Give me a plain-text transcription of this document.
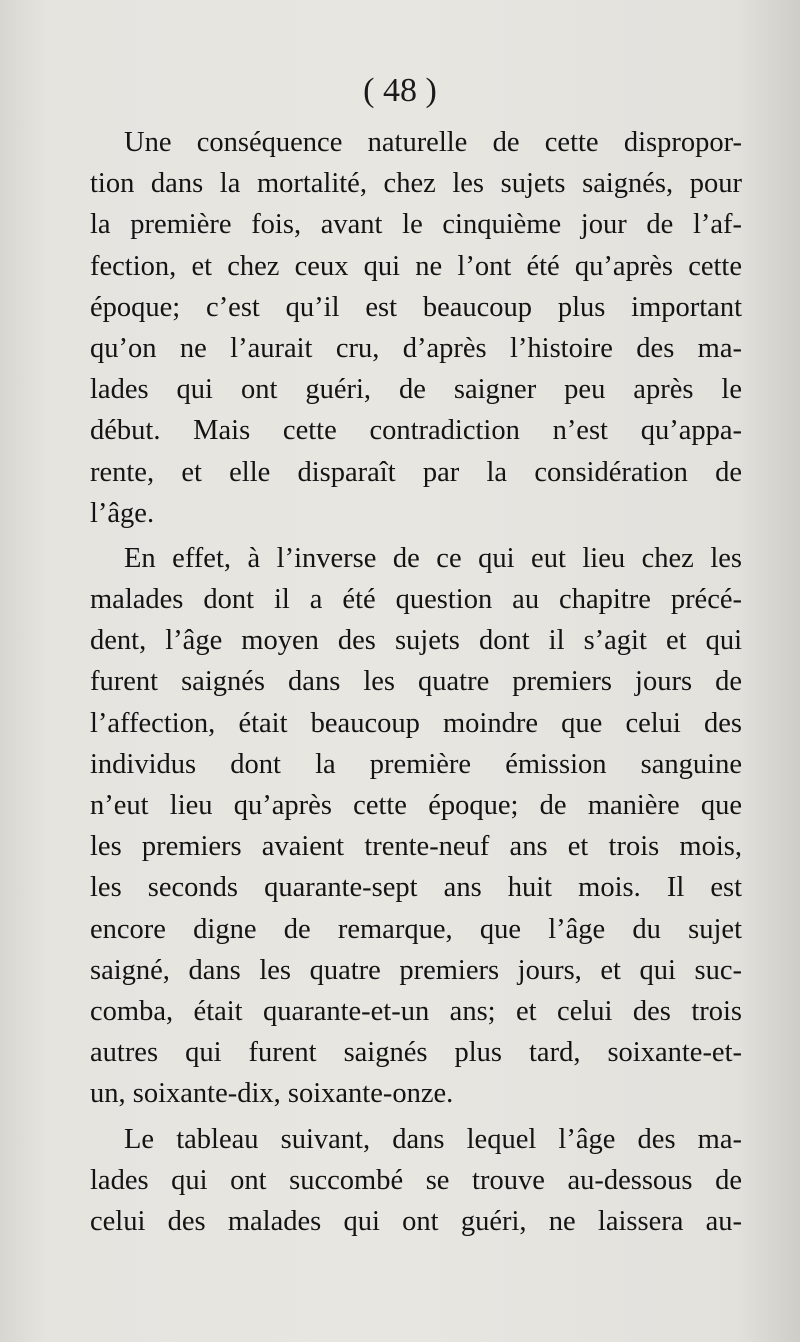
( 48 )
Une conséquence naturelle de cette dispropor-
tion dans la mortalité, chez les sujets saignés, pour
la première fois, avant le cinquième jour de l’af-
fection, et chez ceux qui ne l’ont été qu’après cette
époque; c’est qu’il est beaucoup plus important
qu’on ne l’aurait cru, d’après l’histoire des ma-
lades qui ont guéri, de saigner peu après le
début. Mais cette contradiction n’est qu’appa-
rente, et elle disparaît par la considération de
l’âge.
En effet, à l’inverse de ce qui eut lieu chez les
malades dont il a été question au chapitre précé-
dent, l’âge moyen des sujets dont il s’agit et qui
furent saignés dans les quatre premiers jours de
l’affection, était beaucoup moindre que celui des
individus dont la première émission sanguine
n’eut lieu qu’après cette époque; de manière que
les premiers avaient trente-neuf ans et trois mois,
les seconds quarante-sept ans huit mois. Il est
encore digne de remarque, que l’âge du sujet
saigné, dans les quatre premiers jours, et qui suc-
comba, était quarante-et-un ans; et celui des trois
autres qui furent saignés plus tard, soixante-et-
un, soixante-dix, soixante-onze.
Le tableau suivant, dans lequel l’âge des ma-
lades qui ont succombé se trouve au-dessous de
celui des malades qui ont guéri, ne laissera au-
